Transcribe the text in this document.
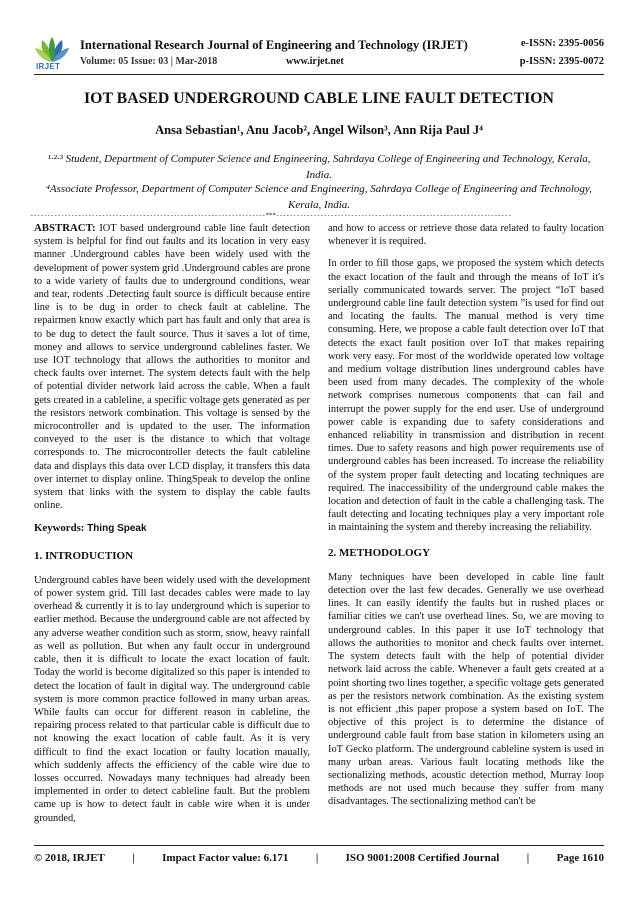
IRJET
International Research Journal of Engineering and Technology (IRJET)
Volume: 05 Issue: 03 | Mar-2018	www.irjet.net
e-ISSN: 2395-0056
p-ISSN: 2395-0072
IOT BASED UNDERGROUND CABLE LINE FAULT DETECTION
Ansa Sebastian¹, Anu Jacob², Angel Wilson³, Ann Rija Paul J⁴
¹·²·³ Student, Department of Computer Science and Engineering, Sahrdaya College of Engineering and Technology, Kerala, India.
⁴Associate Professor, Department of Computer Science and Engineering, Sahrdaya College of Engineering and Technology, Kerala, India.
---------------------------------------------------------------------***---------------------------------------------------------------------

ABSTRACT: IOT based underground cable line fault detection system is helpful for find out faults and its location in very easy manner .Underground cables have been widely used with the development of power system grid .Underground cables are prone to a wide variety of faults due to underground conditions, wear and tear, rodents .Detecting fault source is difficult because entire line is to be dug in order to check fault at cableline. The repairmen know exactly which part has fault and only that area is to be dug to detect the fault source. Thus it saves a lot of time, money and allows to service underground cablelines faster. We use IOT technology that allows the authorities to monitor and check faults over internet. The system detects fault with the help of potential divider network laid across the cable. When a fault gets created in a cableline, a specific voltage gets generated as per the resistors network combination. This voltage is sensed by the microcontroller and is updated to the user. The information conveyed to the user is the distance to which that voltage corresponds to. The microcontroller detects the fault cableline data and displays this data over LCD display, it transfers this data over internet to display online. ThingSpeak to develop the online system that links with the system to display the cable faults online.

Keywords: Thing Speak
1. INTRODUCTION

Underground cables have been widely used with the development of power system grid. Till last decades cables were made to lay overhead & currently it is to lay underground which is superior to earlier method. Because the underground cable are not affected by any adverse weather condition such as storm, snow, heavy rainfall as well as pollution. But when any fault occur in underground cable, then it is difficult to locate the exact location of fault. Today the world is become digitalized so this paper is intended to detect the location of fault in digital way. The underground cable system is more common practice followed in many urban areas. While faults can occur for different reason in cableline, the repairing process related to that particular cable is difficult due to not knowing the exact location of cable fault. As it is very difficult to find the exact location or faulty location maually, which suddenly affects the efficiency of the cable wire due to losses occurred. Nowadays many techniques had already been implemented in order to detect cableline fault. But the problem came up is how to detect fault in cable wire when it is under grounded,

and how to access or retrieve those data related to faulty location whenever it is required.

In order to fill those gaps, we proposed the system which detects the exact location of the fault and through the means of IoT it's serially communicated towards server. The project “IoT based underground cable line fault detection system ”is used for find out and locating the faults. The manual method is very time consuming. Here, we propose a cable fault detection over IoT that detects the exact fault position over IoT that makes repairing work very easy. For most of the worldwide operated low voltage and medium voltage distribution lines underground cables have been used from many decades. The complexity of the whole network comprises numerous components that can fail and interrupt the power supply for the end user. Use of underground power cable is expanding due to safety considerations and enhanced reliability in transmission and distribution in recent times. Due to safety reasons and high power requirements use of underground cables has been increased. To increase the reliability of the system proper fault detecting and locating techniques are required. The inaccessibility of the underground cable makes the location and detection of fault in the cable a challenging task. The fault detecting and locating techniques play a very important role in maintaining the system and thereby increasing the reliability.

2. METHODOLOGY

Many techniques have been developed in cable line fault detection over the last few decades. Generally we use overhead lines. It can easily identify the faults but in rushed places or familiar cities we can't use overhead lines. So, we are moving to underground cables. In this paper it use IoT technology that allows the authorities to monitor and check faults over internet. The system detects fault with the help of potential divider network laid across the cable. Whenever a fault gets created at a point shorting two lines together, a specific voltage gets generated as per the resistors network combination. As the existing system is not efficient ,this paper propose a system based on IoT. The objective of this project is to determine the distance of underground cable fault from base station in kilometers using an IoT Gecko platform. The underground cableline system is used in many urban areas. Various fault locating methods like the sectionalizing methods, acoustic detection method, Murray loop methods are not used much because they suffer from many disadvantages. The sectionalizing method can't be

© 2018, IRJET | Impact Factor value: 6.171 | ISO 9001:2008 Certified Journal | Page 1610
